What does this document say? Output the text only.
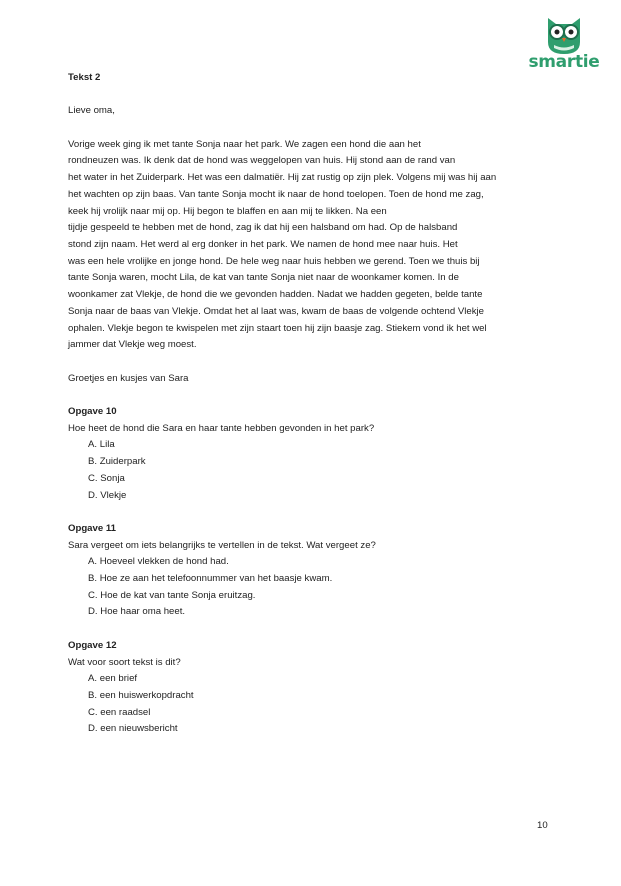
smartie
Tekst 2
Lieve oma,
Vorige week ging ik met tante Sonja naar het park. We zagen een hond die aan het
rondneuzen was. Ik denk dat de hond was weggelopen van huis. Hij stond aan de rand van
het water in het Zuiderpark. Het was een dalmatiër. Hij zat rustig op zijn plek. Volgens mij was hij aan
het wachten op zijn baas. Van tante Sonja mocht ik naar de hond toelopen. Toen de hond me zag,
keek hij vrolijk naar mij op. Hij begon te blaffen en aan mij te likken. Na een
tijdje gespeeld te hebben met de hond, zag ik dat hij een halsband om had. Op de halsband
stond zijn naam. Het werd al erg donker in het park. We namen de hond mee naar huis. Het
was een hele vrolijke en jonge hond. De hele weg naar huis hebben we gerend. Toen we thuis bij
tante Sonja waren, mocht Lila, de kat van tante Sonja niet naar de woonkamer komen. In de
woonkamer zat Vlekje, de hond die we gevonden hadden. Nadat we hadden gegeten, belde tante
Sonja naar de baas van Vlekje. Omdat het al laat was, kwam de baas de volgende ochtend Vlekje
ophalen. Vlekje begon te kwispelen met zijn staart toen hij zijn baasje zag. Stiekem vond ik het wel
jammer dat Vlekje weg moest.
Groetjes en kusjes van Sara
Opgave 10
Hoe heet de hond die Sara en haar tante hebben gevonden in het park?
A. Lila
B. Zuiderpark
C. Sonja
D. Vlekje
Opgave 11
Sara vergeet om iets belangrijks te vertellen in de tekst. Wat vergeet ze?
A. Hoeveel vlekken de hond had.
B. Hoe ze aan het telefoonnummer van het baasje kwam.
C. Hoe de kat van tante Sonja eruitzag.
D. Hoe haar oma heet.
Opgave 12
Wat voor soort tekst is dit?
A. een brief
B. een huiswerkopdracht
C. een raadsel
D. een nieuwsbericht
10
